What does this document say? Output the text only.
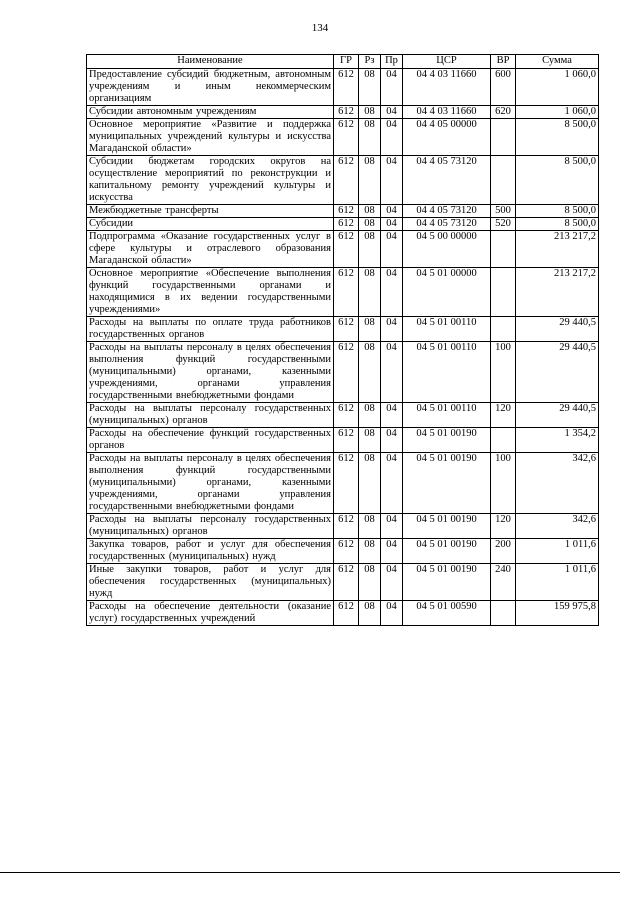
134
Наименование	ГР	Рз	Пр	ЦСР	ВР	Сумма
Предоставление субсидий бюджетным, автономным учреждениям и иным некоммерческим организациям	612	08	04	04 4 03 11660	600	1 060,0
Субсидии автономным учреждениям	612	08	04	04 4 03 11660	620	1 060,0
Основное мероприятие «Развитие и поддержка муниципальных учреждений культуры и искусства Магаданской области»	612	08	04	04 4 05 00000		8 500,0
Субсидии бюджетам городских округов на осуществление мероприятий по реконструкции и капитальному ремонту учреждений культуры и искусства	612	08	04	04 4 05 73120		8 500,0
Межбюджетные трансферты	612	08	04	04 4 05 73120	500	8 500,0
Субсидии	612	08	04	04 4 05 73120	520	8 500,0
Подпрограмма «Оказание государственных услуг в сфере культуры и отраслевого образования Магаданской области»	612	08	04	04 5 00 00000		213 217,2
Основное мероприятие «Обеспечение выполнения функций государственными органами и находящимися в их ведении государственными учреждениями»	612	08	04	04 5 01 00000		213 217,2
Расходы на выплаты по оплате труда работников государственных органов	612	08	04	04 5 01 00110		29 440,5
Расходы на выплаты персоналу в целях обеспечения выполнения функций государственными (муниципальными) органами, казенными учреждениями, органами управления государственными внебюджетными фондами	612	08	04	04 5 01 00110	100	29 440,5
Расходы на выплаты персоналу государственных (муниципальных) органов	612	08	04	04 5 01 00110	120	29 440,5
Расходы на обеспечение функций государственных органов	612	08	04	04 5 01 00190		1 354,2
Расходы на выплаты персоналу в целях обеспечения выполнения функций государственными (муниципальными) органами, казенными учреждениями, органами управления государственными внебюджетными фондами	612	08	04	04 5 01 00190	100	342,6
Расходы на выплаты персоналу государственных (муниципальных) органов	612	08	04	04 5 01 00190	120	342,6
Закупка товаров, работ и услуг для обеспечения государственных (муниципальных) нужд	612	08	04	04 5 01 00190	200	1 011,6
Иные закупки товаров, работ и услуг для обеспечения государственных (муниципальных) нужд	612	08	04	04 5 01 00190	240	1 011,6
Расходы на обеспечение деятельности (оказание услуг) государственных учреждений	612	08	04	04 5 01 00590		159 975,8
